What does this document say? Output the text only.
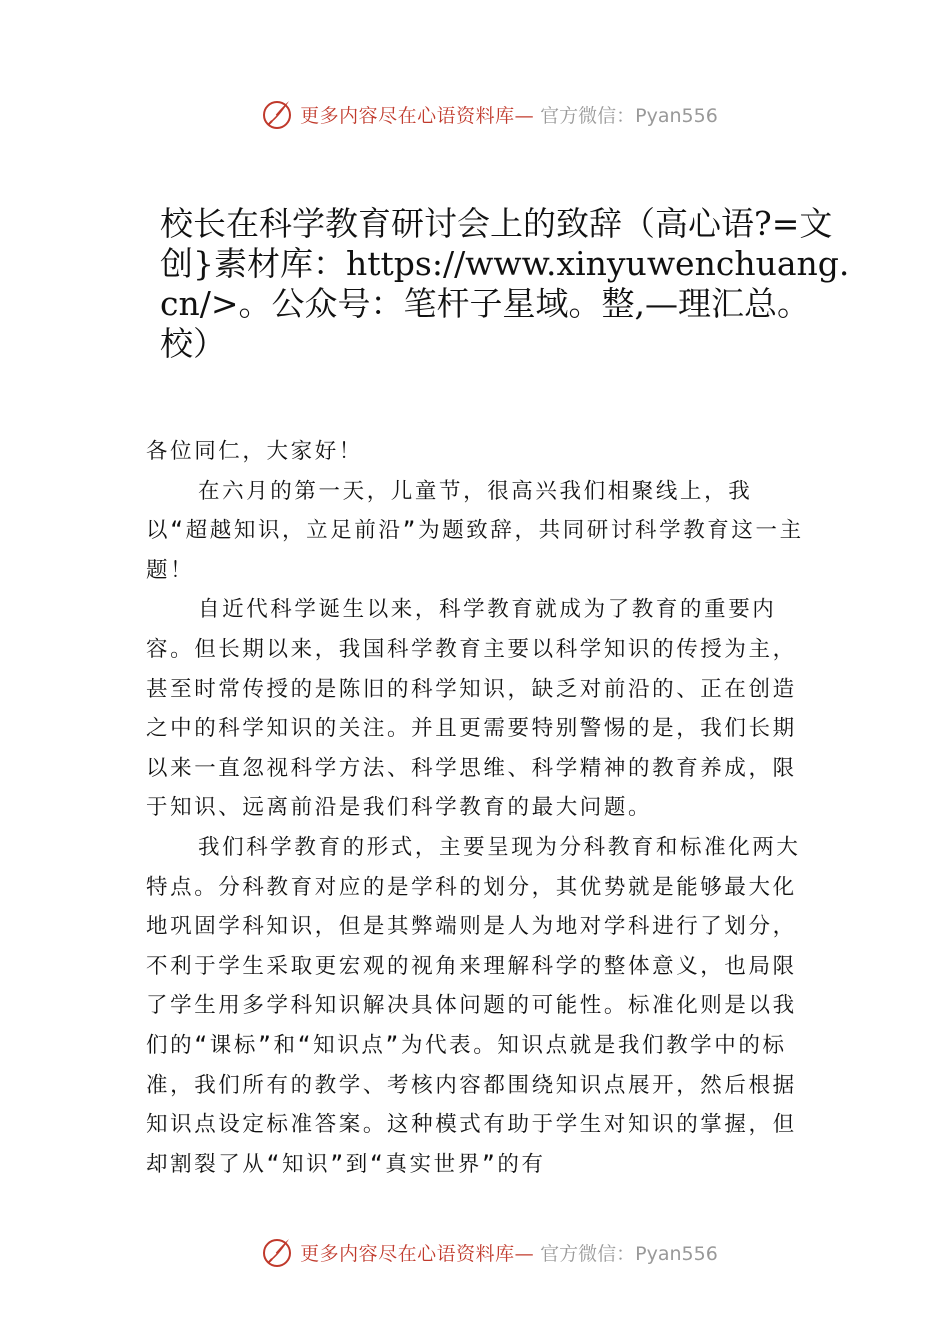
更多内容尽在心语资料库— 官方微信：Pyan556
校长在科学教育研讨会上的致辞（高心语?=文创}素材库：https://www.xinyuwenchuang.cn/>。公众号：笔杆子星域。整,—理汇总。校）

各位同仁，大家好！

在六月的第一天，儿童节，很高兴我们相聚线上，我以“超越知识，立足前沿”为题致辞，共同研讨科学教育这一主题！

自近代科学诞生以来，科学教育就成为了教育的重要内容。但长期以来，我国科学教育主要以科学知识的传授为主，甚至时常传授的是陈旧的科学知识，缺乏对前沿的、正在创造之中的科学知识的关注。并且更需要特别警惕的是，我们长期以来一直忽视科学方法、科学思维、科学精神的教育养成，限于知识、远离前沿是我们科学教育的最大问题。

我们科学教育的形式，主要呈现为分科教育和标准化两大特点。分科教育对应的是学科的划分，其优势就是能够最大化地巩固学科知识，但是其弊端则是人为地对学科进行了划分，不利于学生采取更宏观的视角来理解科学的整体意义，也局限了学生用多学科知识解决具体问题的可能性。标准化则是以我们的“课标”和“知识点”为代表。知识点就是我们教学中的标准，我们所有的教学、考核内容都围绕知识点展开，然后根据知识点设定标准答案。这种模式有助于学生对知识的掌握，但却割裂了从“知识”到“真实世界”的有

更多内容尽在心语资料库— 官方微信：Pyan556
